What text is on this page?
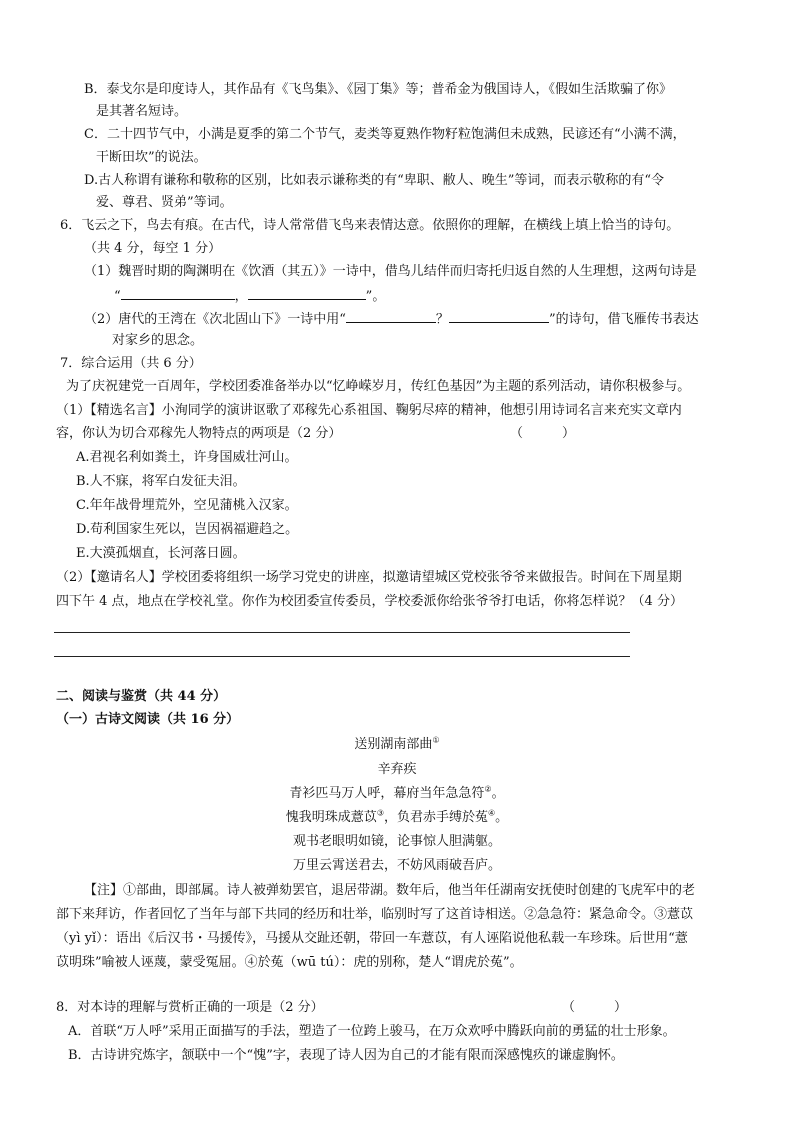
B．泰戈尔是印度诗人，其作品有《飞鸟集》、《园丁集》等；普希金为俄国诗人，《假如生活欺骗了你》
是其著名短诗。
C．二十四节气中，小满是夏季的第二个节气，麦类等夏熟作物籽粒饱满但未成熟，民谚还有“小满不满，
干断田坎”的说法。
D.古人称谓有谦称和敬称的区别，比如表示谦称类的有“卑职、敝人、晚生”等词，而表示敬称的有“令
爱、尊君、贤弟”等词。
6．飞云之下，鸟去有痕。在古代，诗人常常借飞鸟来表情达意。依照你的理解，在横线上填上恰当的诗句。
（共 4 分，每空 1 分）
（1）魏晋时期的陶渊明在《饮酒（其五）》一诗中，借鸟儿结伴而归寄托归返自然的人生理想，这两句诗是
“	，	”。
（2）唐代的王湾在《次北固山下》一诗中用“	？	”的诗句，借飞雁传书表达
对家乡的思念。
7．综合运用（共 6 分）
为了庆祝建党一百周年，学校团委准备举办以“忆峥嵘岁月，传红色基因”为主题的系列活动，请你积极参与。
（1）【精选名言】小洵同学的演讲讴歌了邓稼先心系祖国、鞠躬尽瘁的精神，他想引用诗词名言来充实文章内
容，你认为切合邓稼先人物特点的两项是（2 分）	（　　　）
A.君视名利如粪土，许身国威壮河山。
B.人不寐，将军白发征夫泪。
C.年年战骨埋荒外，空见蒲桃入汉家。
D.苟利国家生死以，岂因祸福避趋之。
E.大漠孤烟直，长河落日圆。
（2）【邀请名人】学校团委将组织一场学习党史的讲座，拟邀请望城区党校张爷爷来做报告。时间在下周星期
四下午 4 点，地点在学校礼堂。你作为校团委宣传委员，学校委派你给张爷爷打电话，你将怎样说？（4 分）
二、阅读与鉴赏（共 44 分）
（一）古诗文阅读（共 16 分）
送别湖南部曲①
辛弃疾
青衫匹马万人呼，幕府当年急急符②。
愧我明珠成薏苡③，负君赤手缚於菟④。
观书老眼明如镜，论事惊人胆满躯。
万里云霄送君去，不妨风雨破吾庐。
【注】①部曲，即部属。诗人被弹劾罢官，退居带湖。数年后，他当年任湖南安抚使时创建的飞虎军中的老
部下来拜访，作者回忆了当年与部下共同的经历和壮举，临别时写了这首诗相送。②急急符：紧急命令。③薏苡
（yì yǐ）：语出《后汉书・马援传》，马援从交趾还朝，带回一车薏苡，有人诬陷说他私载一车珍珠。后世用“薏
苡明珠”喻被人诬蔑，蒙受冤屈。④於菟（wū tú）：虎的别称，楚人“谓虎於菟”。
8．对本诗的理解与赏析正确的一项是（2 分）	（　　　）
A．首联“万人呼”采用正面描写的手法，塑造了一位跨上骏马，在万众欢呼中腾跃向前的勇猛的壮士形象。
B．古诗讲究炼字，颔联中一个“愧”字，表现了诗人因为自己的才能有限而深感愧疚的谦虚胸怀。
